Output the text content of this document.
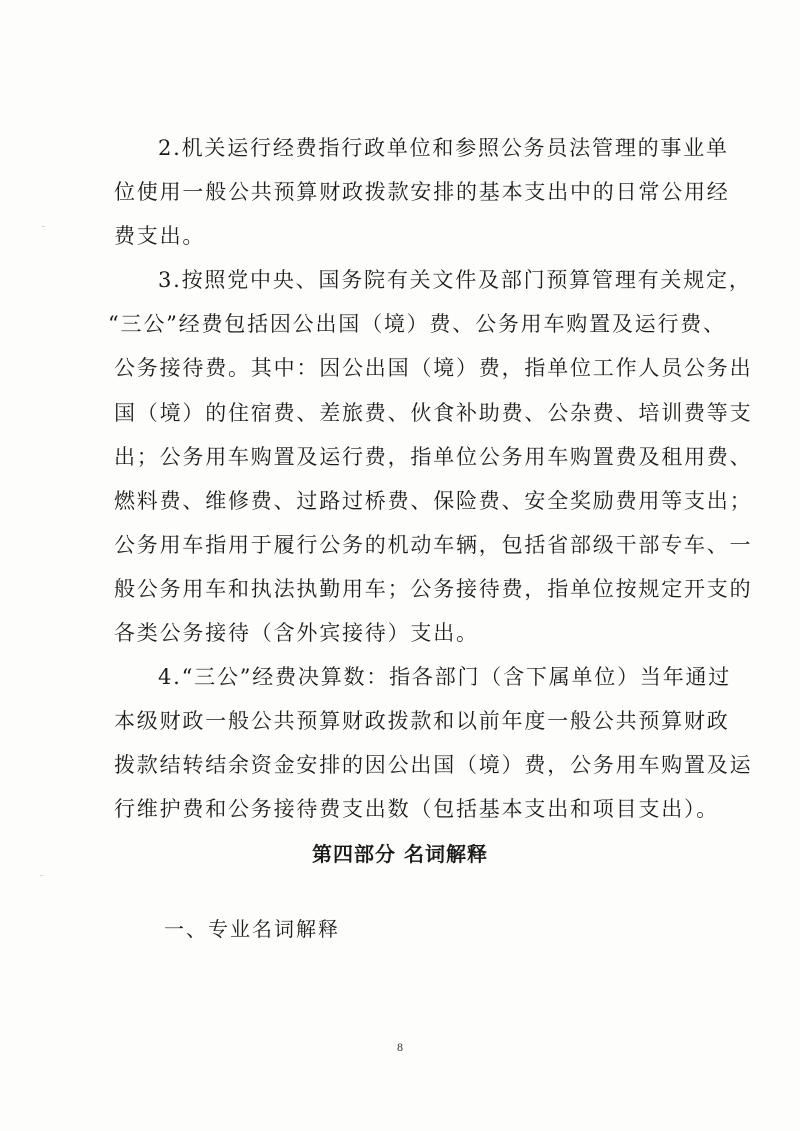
2.机关运行经费指行政单位和参照公务员法管理的事业单
位使用一般公共预算财政拨款安排的基本支出中的日常公用经
费支出。
3.按照党中央、国务院有关文件及部门预算管理有关规定，
“三公”经费包括因公出国（境）费、公务用车购置及运行费、
公务接待费。其中：因公出国（境）费，指单位工作人员公务出
国（境）的住宿费、差旅费、伙食补助费、公杂费、培训费等支
出；公务用车购置及运行费，指单位公务用车购置费及租用费、
燃料费、维修费、过路过桥费、保险费、安全奖励费用等支出；
公务用车指用于履行公务的机动车辆，包括省部级干部专车、一
般公务用车和执法执勤用车；公务接待费，指单位按规定开支的
各类公务接待（含外宾接待）支出。
4.“三公”经费决算数：指各部门（含下属单位）当年通过
本级财政一般公共预算财政拨款和以前年度一般公共预算财政
拨款结转结余资金安排的因公出国（境）费，公务用车购置及运
行维护费和公务接待费支出数（包括基本支出和项目支出）。
第四部分 名词解释
一、专业名词解释
8
